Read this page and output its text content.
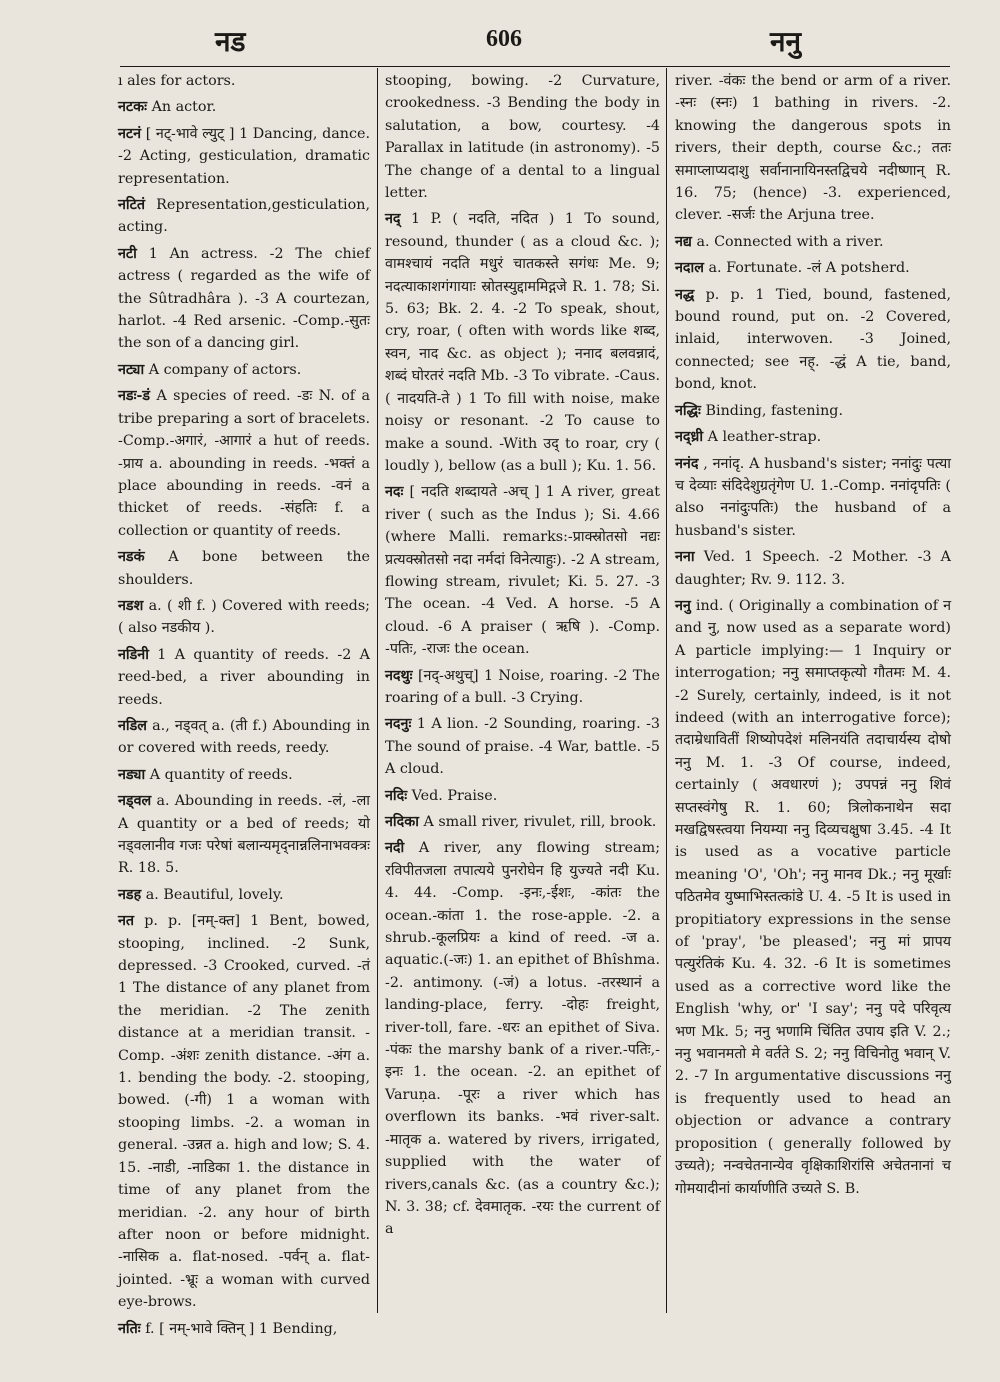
नड	606	ननु

ı ales for actors.

नटकः An actor.

नटनं [ नट्-भावे ल्युट् ] 1 Dancing, dance. -2 Acting, gesticulation, dramatic representation.

नटितं Representation,gesticulation, acting.

नटी 1 An actress. -2 The chief actress ( regarded as the wife of the Sûtradhâra ). -3 A courtezan, harlot. -4 Red arsenic. -Comp.-सुतः the son of a dancing girl.

नट्या A company of actors.

नडः-डं A species of reed. -डः N. of a tribe preparing a sort of bracelets. -Comp.-अगारं, -आगारं a hut of reeds. -प्राय a. abounding in reeds. -भक्तं a place abounding in reeds. -वनं a thicket of reeds. -संहतिः f. a collection or quantity of reeds.

नडकं A bone between the shoulders.

नडश a. ( शी f. ) Covered with reeds; ( also नडकीय ).

नडिनी 1 A quantity of reeds. -2 A reed-bed, a river abounding in reeds.

नडिल a., नड्वत् a. (ती f.) Abounding in or covered with reeds, reedy.

नड्या A quantity of reeds.

नड्वल a. Abounding in reeds. -लं, -ला A quantity or a bed of reeds; यो नड्वलानीव गजः परेषां बलान्यमृद्नान्नलिनाभवक्त्रः R. 18. 5.

नडह a. Beautiful, lovely.

नत p. p. [नम्-क्त] 1 Bent, bowed, stooping, inclined. -2 Sunk, depressed. -3 Crooked, curved. -तं 1 The distance of any planet from the meridian. -2 The zenith distance at a meridian transit. -Comp. -अंशः zenith distance. -अंग a. 1. bending the body. -2. stooping, bowed. (-गी) 1 a woman with stooping limbs. -2. a woman in general. -उन्नत a. high and low; S. 4. 15. -नाडी, -नाडिका 1. the distance in time of any planet from the meridian. -2. any hour of birth after noon or before midnight. -नासिक a. flat-nosed. -पर्वन् a. flat-jointed. -भ्रूः a woman with curved eye-brows.

नतिः f. [ नम्-भावे क्तिन् ] 1 Bending,

stooping, bowing. -2 Curvature, crookedness. -3 Bending the body in salutation, a bow, courtesy. -4 Parallax in latitude (in astronomy). -5 The change of a dental to a lingual letter.

नद् 1 P. ( नदति, नदित ) 1 To sound, resound, thunder ( as a cloud &c. ); वामश्चायं नदति मधुरं चातकस्ते सगंधः Me. 9; नदत्याकाशगंगायाः स्रोतस्युद्दाममिद्गजे R. 1. 78; Si. 5. 63; Bk. 2. 4. -2 To speak, shout, cry, roar, ( often with words like शब्द, स्वन, नाद &c. as object ); ननाद बलवन्नादं, शब्दं घोरतरं नदति Mb. -3 To vibrate. -Caus. ( नादयति-ते ) 1 To fill with noise, make noisy or resonant. -2 To cause to make a sound. -With उद् to roar, cry ( loudly ), bellow (as a bull ); Ku. 1. 56.

नदः [ नदति शब्दायते -अच् ] 1 A river, great river ( such as the Indus ); Si. 4.66 (where Malli. remarks:-प्राक्स्रोतसो नद्यः प्रत्यक्स्रोतसो नदा नर्मदां विनेत्याहुः). -2 A stream, flowing stream, rivulet; Ki. 5. 27. -3 The ocean. -4 Ved. A horse. -5 A cloud. -6 A praiser ( ऋषि ). -Comp. -पतिः, -राजः the ocean.

नदथुः [नद्-अथुच्] 1 Noise, roaring. -2 The roaring of a bull. -3 Crying.

नदनुः 1 A lion. -2 Sounding, roaring. -3 The sound of praise. -4 War, battle. -5 A cloud.

नदिः Ved. Praise.

नदिका A small river, rivulet, rill, brook.

नदी A river, any flowing stream; रविपीतजला तपात्यये पुनरोघेन हि युज्यते नदी Ku. 4. 44. -Comp. -इनः,-ईशः, -कांतः the ocean.-कांता 1. the rose-apple. -2. a shrub.-कूलप्रियः a kind of reed. -ज a. aquatic.(-जः) 1. an epithet of Bhîshma. -2. antimony. (-जं) a lotus. -तरस्थानं a landing-place, ferry. -दोहः freight, river-toll, fare. -धरः an epithet of Siva. -पंकः the marshy bank of a river.-पतिः,-इनः 1. the ocean. -2. an epithet of Varuṇa. -पूरः a river which has overflown its banks. -भवं river-salt. -मातृक a. watered by rivers, irrigated, supplied with the water of rivers,canals &c. (as a country &c.); N. 3. 38; cf. देवमातृक. -रयः the current of a

river. -वंकः the bend or arm of a river. -स्नः (स्नः) 1 bathing in rivers. -2. knowing the dangerous spots in rivers, their depth, course &c.; ततः समाप्लाप्यदाशु सर्वानानायिनस्तद्विचये नदीष्णान् R. 16. 75; (hence) -3. experienced, clever. -सर्जः the Arjuna tree.

नद्य a. Connected with a river.

नदाल a. Fortunate. -लं A potsherd.

नद्ध p. p. 1 Tied, bound, fastened, bound round, put on. -2 Covered, inlaid, interwoven. -3 Joined, connected; see नह्. -द्धं A tie, band, bond, knot.

नद्धिः Binding, fastening.

नद्ध्री A leather-strap.

ननंद , ननांदृ. A husband's sister; ननांदुः पत्या च देव्याः संदिदेशुग्रतृंगेण U. 1.-Comp. ननांदृपतिः ( also ननांदुःपतिः) the husband of a husband's sister.

नना Ved. 1 Speech. -2 Mother. -3 A daughter; Rv. 9. 112. 3.

ननु ind. ( Originally a combination of न and नु, now used as a separate word) A particle implying:— 1 Inquiry or interrogation; ननु समाप्तकृत्यो गौतमः M. 4. -2 Surely, certainly, indeed, is it not indeed (with an interrogative force); तदाम्रेधावितीं शिष्योपदेशं मलिनयंति तदाचार्यस्य दोषो ननु M. 1. -3 Of course, indeed, certainly ( अवधारणं ); उपपन्नं ननु शिवं सप्तस्वंगेषु R. 1. 60; त्रिलोकनाथेन सदा मखद्विषस्त्वया नियम्या ननु दिव्यचक्षुषा 3.45. -4 It is used as a vocative particle meaning 'O', 'Oh'; ननु मानव Dk.; ननु मूर्खाः पठितमेव युष्माभिस्तत्कांडे U. 4. -5 It is used in propitiatory expressions in the sense of 'pray', 'be pleased'; ननु मां प्रापय पत्युरंतिकं Ku. 4. 32. -6 It is sometimes used as a corrective word like the English 'why, or' 'I say'; ननु पदे परिवृत्य भण Mk. 5; ननु भणामि चिंतित उपाय इति V. 2.; ननु भवानमतो मे वर्तते S. 2; ननु विचिनोतु भवान् V. 2. -7 In argumentative discussions ननु is frequently used to head an objection or advance a contrary proposition ( generally followed by उच्यते); नन्वचेतनान्येव वृक्षिकाशिरांसि अचेतनानां च गोमयादीनां कार्याणीति उच्यते S. B.
